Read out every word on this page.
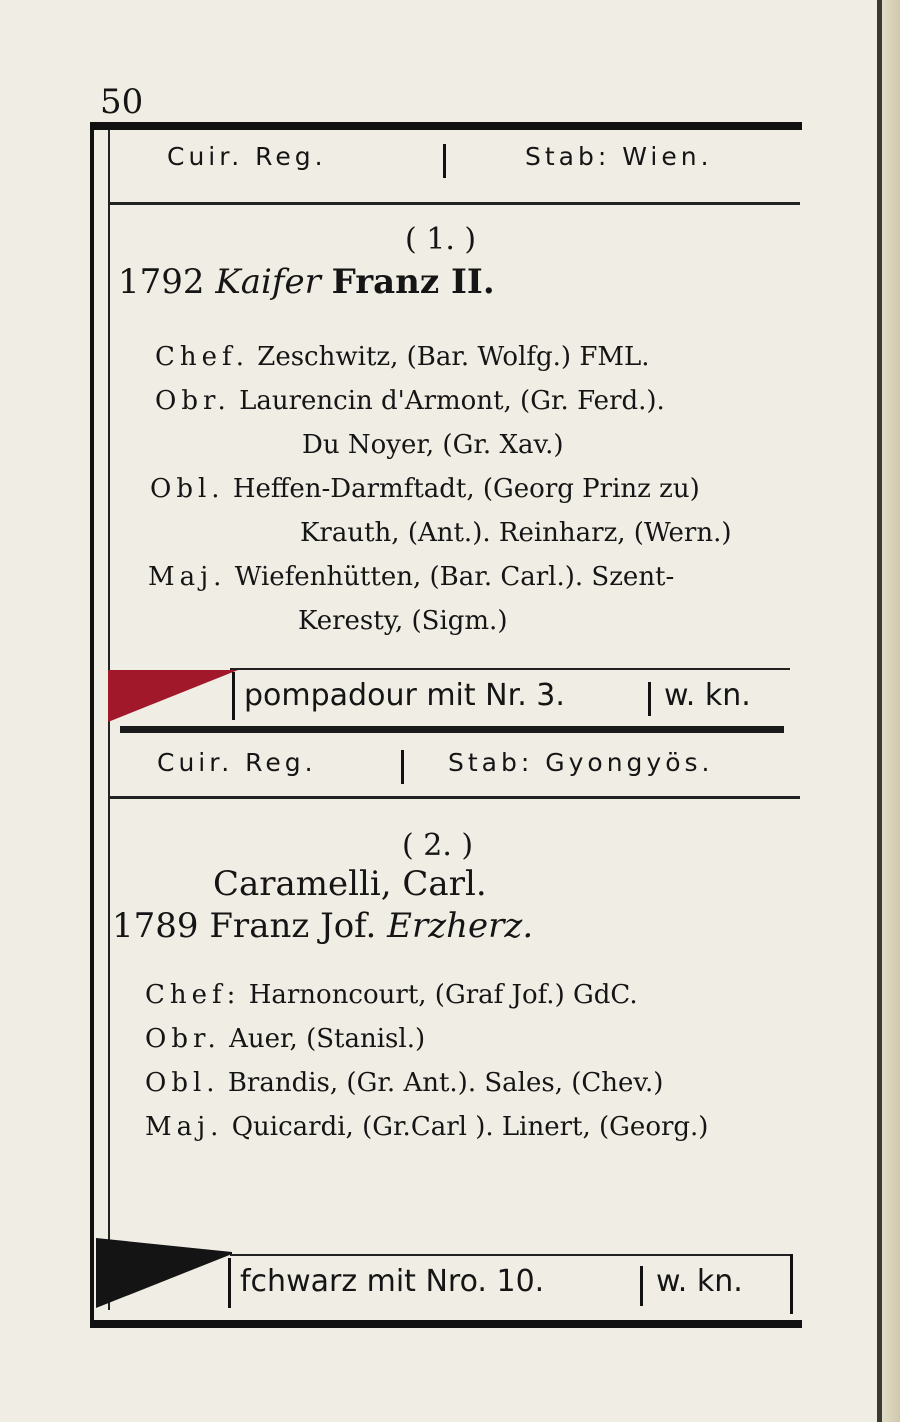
50
Cuir. Reg.	Stab: Wien.
( 1. )
1792 Kaifer Franz II.
Chef. Zeschwitz, (Bar. Wolfg.) FML.
Obr. Laurencin d'Armont, (Gr. Ferd.).
Du Noyer, (Gr. Xav.)
Obl. Heffen-Darmftadt, (Georg Prinz zu)
Krauth, (Ant.). Reinharz, (Wern.)
Maj. Wiefenhütten, (Bar. Carl.). Szent-
Keresty, (Sigm.)
pompadour mit Nr. 3.	w. kn.
Cuir. Reg.	Stab: Gyongyös.
( 2. )
Caramelli, Carl.
1789 Franz Jof. Erzherz.
Chef: Harnoncourt, (Graf Jof.) GdC.
Obr. Auer, (Stanisl.)
Obl. Brandis, (Gr. Ant.). Sales, (Chev.)
Maj. Quicardi, (Gr.Carl ). Linert, (Georg.)
fchwarz mit Nro. 10.	w. kn.
